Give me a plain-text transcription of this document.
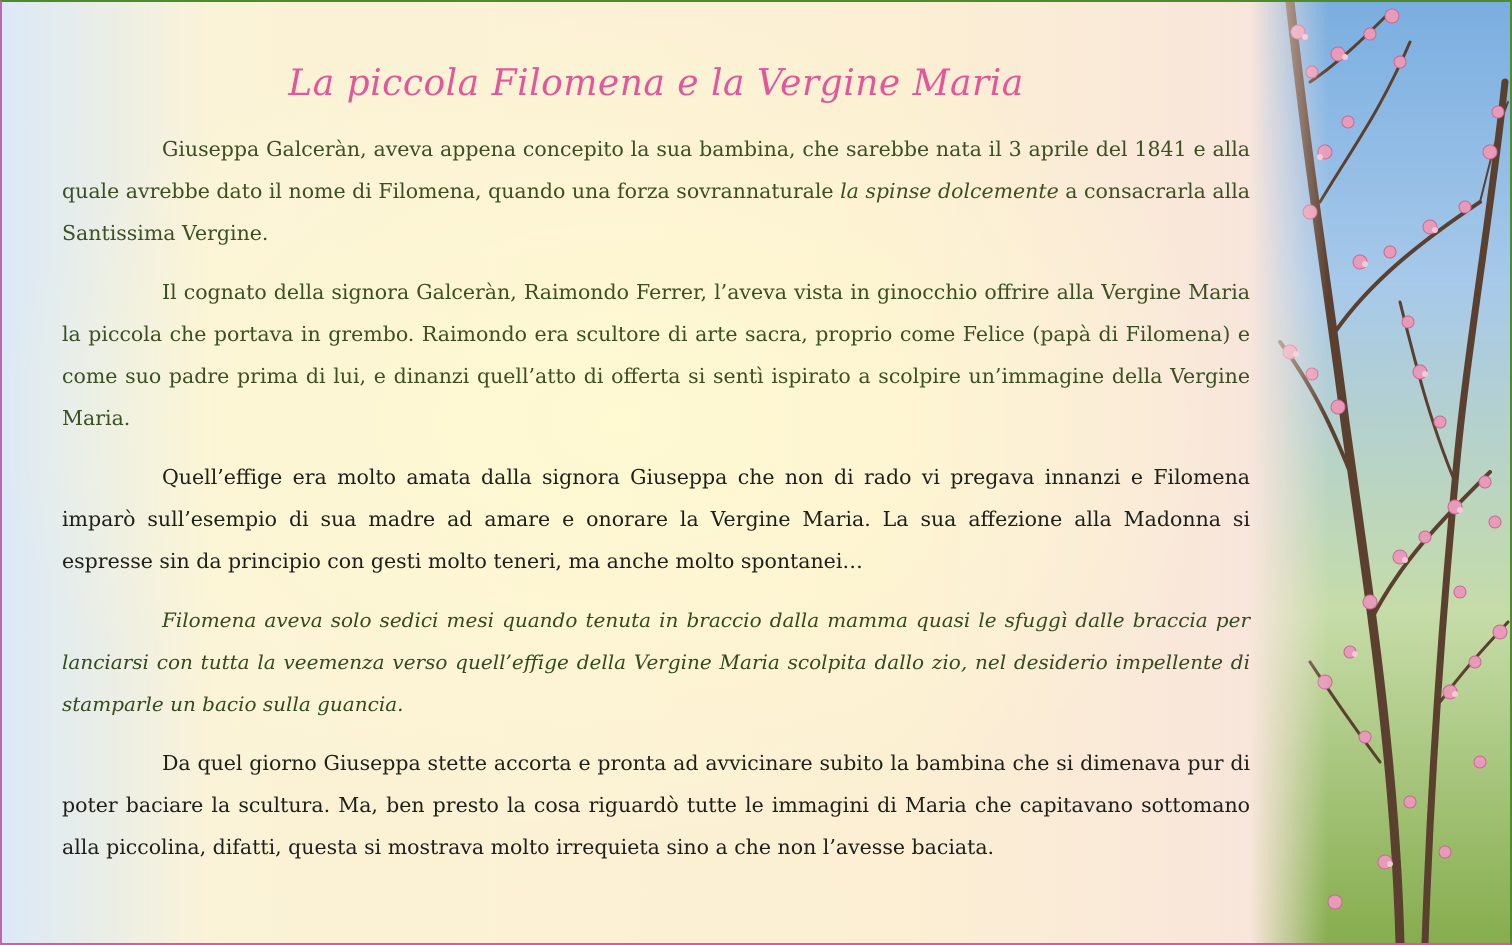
La piccola Filomena e la Vergine Maria

Giuseppa Galceràn, aveva appena concepito la sua bambina, che sarebbe nata il 3 aprile del 1841 e alla quale avrebbe dato il nome di Filomena, quando una forza sovrannaturale la spinse dolcemente a consacrarla alla Santissima Vergine.

Il cognato della signora Galceràn, Raimondo Ferrer, l’aveva vista in ginocchio offrire alla Vergine Maria la piccola che portava in grembo. Raimondo era scultore di arte sacra, proprio come Felice (papà di Filomena) e come suo padre prima di lui, e dinanzi quell’atto di offerta si sentì ispirato a scolpire un’immagine della Vergine Maria.

Quell’effige era molto amata dalla signora Giuseppa che non di rado vi pregava innanzi e Filomena imparò sull’esempio di sua madre ad amare e onorare la Vergine Maria. La sua affezione alla Madonna si espresse sin da principio con gesti molto teneri, ma anche molto spontanei…

Filomena aveva solo sedici mesi quando tenuta in braccio dalla mamma quasi le sfuggì dalle braccia per lanciarsi con tutta la veemenza verso quell’effige della Vergine Maria scolpita dallo zio, nel desiderio impellente di stamparle un bacio sulla guancia.

Da quel giorno Giuseppa stette accorta e pronta ad avvicinare subito la bambina che si dimenava pur di poter baciare la scultura. Ma, ben presto la cosa riguardò tutte le immagini di Maria che capitavano sottomano alla piccolina, difatti, questa si mostrava molto irrequieta sino a che non l’avesse baciata.
